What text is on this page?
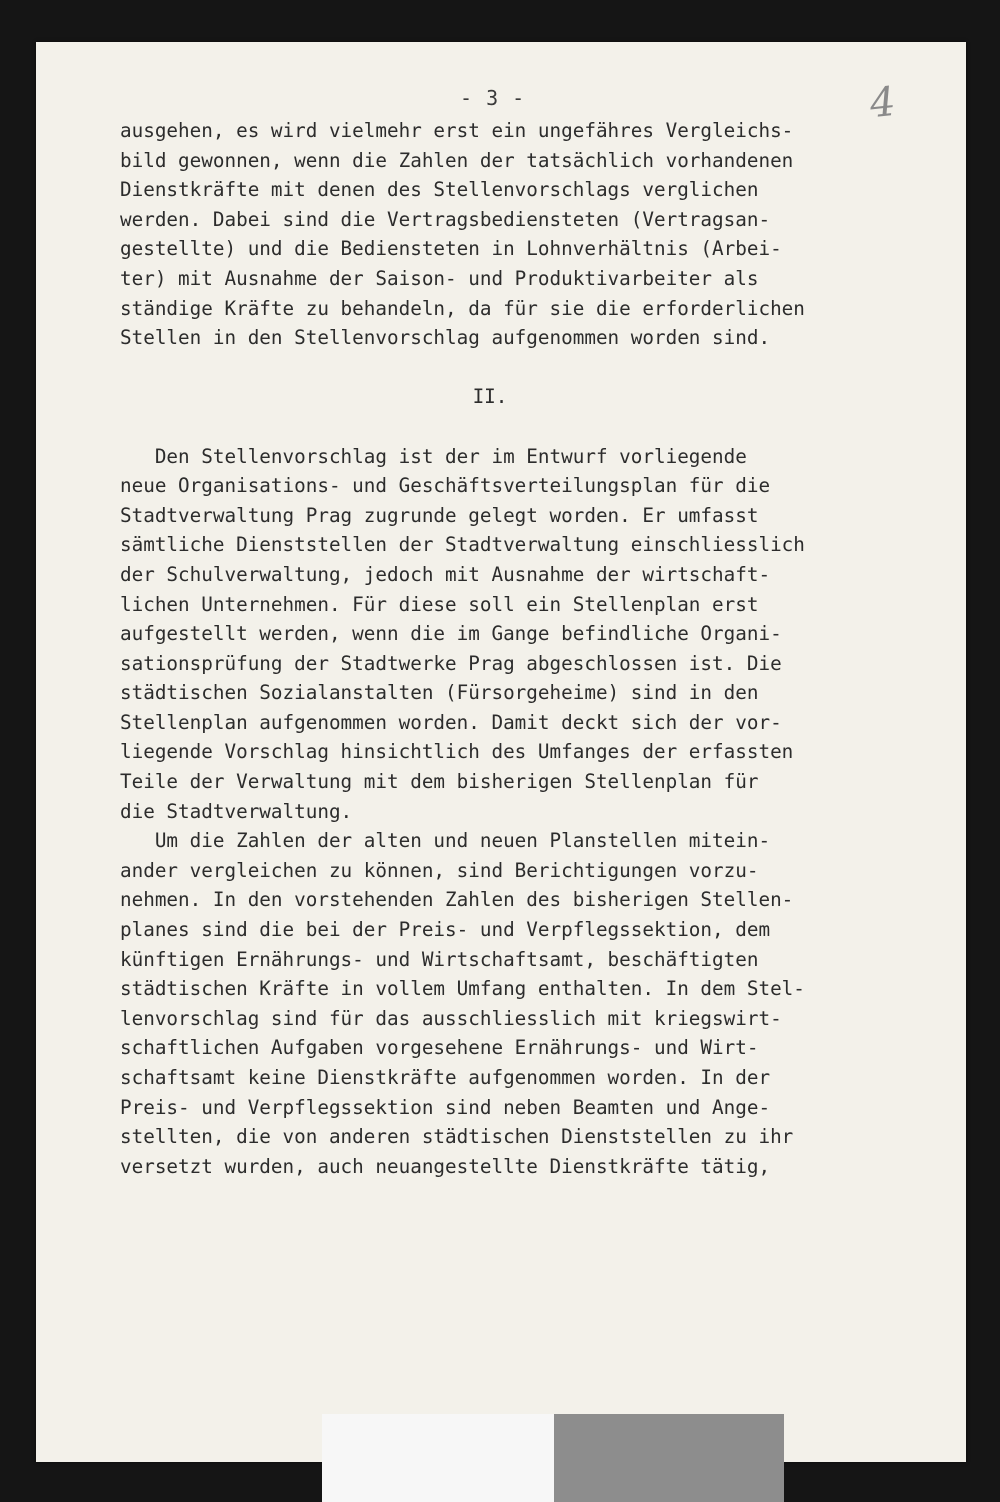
- 3 -	4
ausgehen, es wird vielmehr erst ein ungefähres Vergleichs-
bild gewonnen, wenn die Zahlen der tatsächlich vorhandenen
Dienstkräfte mit denen des Stellenvorschlags verglichen
werden. Dabei sind die Vertragsbediensteten (Vertragsan-
gestellte) und die Bediensteten in Lohnverhältnis (Arbei-
ter) mit Ausnahme der Saison- und Produktivarbeiter als
ständige Kräfte zu behandeln, da für sie die erforderlichen
Stellen in den Stellenvorschlag aufgenommen worden sind.
II.
Den Stellenvorschlag ist der im Entwurf vorliegende
neue Organisations- und Geschäftsverteilungsplan für die
Stadtverwaltung Prag zugrunde gelegt worden. Er umfasst
sämtliche Dienststellen der Stadtverwaltung einschliesslich
der Schulverwaltung, jedoch mit Ausnahme der wirtschaft-
lichen Unternehmen. Für diese soll ein Stellenplan erst
aufgestellt werden, wenn die im Gange befindliche Organi-
sationsprüfung der Stadtwerke Prag abgeschlossen ist. Die
städtischen Sozialanstalten (Fürsorgeheime) sind in den
Stellenplan aufgenommen worden. Damit deckt sich der vor-
liegende Vorschlag hinsichtlich des Umfanges der erfassten
Teile der Verwaltung mit dem bisherigen Stellenplan für
die Stadtverwaltung.
Um die Zahlen der alten und neuen Planstellen mitein-
ander vergleichen zu können, sind Berichtigungen vorzu-
nehmen. In den vorstehenden Zahlen des bisherigen Stellen-
planes sind die bei der Preis- und Verpflegssektion, dem
künftigen Ernährungs- und Wirtschaftsamt, beschäftigten
städtischen Kräfte in vollem Umfang enthalten. In dem Stel-
lenvorschlag sind für das ausschliesslich mit kriegswirt-
schaftlichen Aufgaben vorgesehene Ernährungs- und Wirt-
schaftsamt keine Dienstkräfte aufgenommen worden. In der
Preis- und Verpflegssektion sind neben Beamten und Ange-
stellten, die von anderen städtischen Dienststellen zu ihr
versetzt wurden, auch neuangestellte Dienstkräfte tätig,
